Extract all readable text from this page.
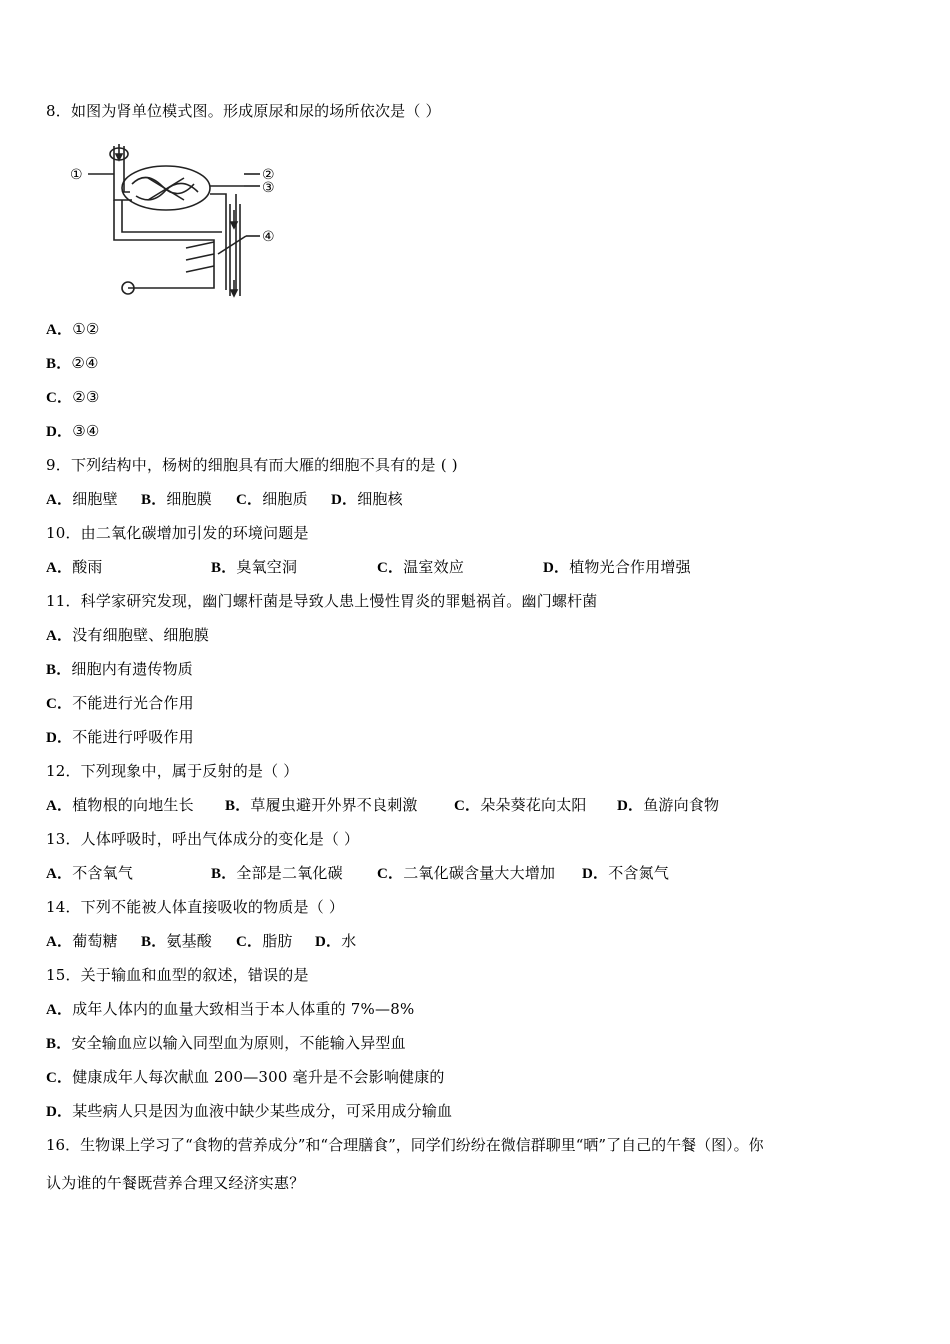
8．如图为肾单位模式图。形成原尿和尿的场所依次是（ ）
①	②
③
④
A．①②
B．②④
C．②③
D．③④
9．下列结构中，杨树的细胞具有而大雁的细胞不具有的是 ( )
A．细胞壁 B．细胞膜 C．细胞质 D．细胞核
10．由二氧化碳增加引发的环境问题是
A．酸雨	B．臭氧空洞	C．温室效应	D．植物光合作用增强
11．科学家研究发现，幽门螺杆菌是导致人患上慢性胃炎的罪魁祸首。幽门螺杆菌
A．没有细胞壁、细胞膜
B．细胞内有遗传物质
C．不能进行光合作用
D．不能进行呼吸作用
12．下列现象中，属于反射的是（ ）
A．植物根的向地生长 B．草履虫避开外界不良刺激 C．朵朵葵花向太阳 D．鱼游向食物
13．人体呼吸时，呼出气体成分的变化是（ ）
A．不含氧气	B．全部是二氧化碳 C．二氧化碳含量大大增加 D．不含氮气
14．下列不能被人体直接吸收的物质是（ ）
A．葡萄糖 B．氨基酸 C．脂肪 D．水
15．关于输血和血型的叙述，错误的是
A．成年人体内的血量大致相当于本人体重的 7%—8%
B．安全输血应以输入同型血为原则，不能输入异型血
C．健康成年人每次献血 200—300 毫升是不会影响健康的
D．某些病人只是因为血液中缺少某些成分，可采用成分输血
16．生物课上学习了“食物的营养成分”和“合理膳食”，同学们纷纷在微信群聊里“晒”了自己的午餐（图）。你
认为谁的午餐既营养合理又经济实惠？
